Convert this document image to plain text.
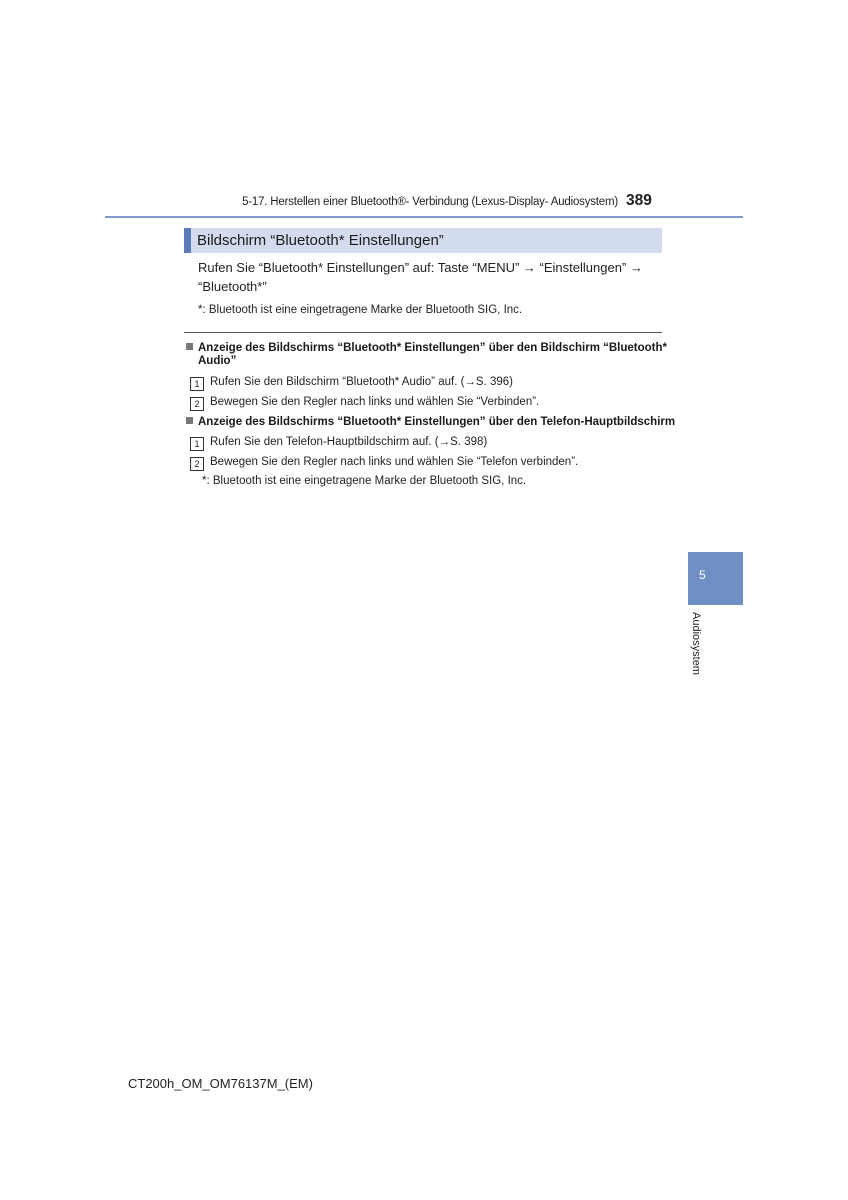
5-17. Herstellen einer Bluetooth®- Verbindung (Lexus-Display- Audiosystem) 389
Bildschirm “Bluetooth* Einstellungen”
Rufen Sie “Bluetooth* Einstellungen” auf: Taste “MENU” → “Einstellungen” →
“Bluetooth*”
*: Bluetooth ist eine eingetragene Marke der Bluetooth SIG, Inc.
Anzeige des Bildschirms “Bluetooth* Einstellungen” über den Bildschirm “Bluetooth*
Audio”
1 Rufen Sie den Bildschirm “Bluetooth* Audio” auf. (→S. 396)
2 Bewegen Sie den Regler nach links und wählen Sie “Verbinden”.
Anzeige des Bildschirms “Bluetooth* Einstellungen” über den Telefon-Hauptbildschirm
1 Rufen Sie den Telefon-Hauptbildschirm auf. (→S. 398)
2 Bewegen Sie den Regler nach links und wählen Sie “Telefon verbinden”.
*: Bluetooth ist eine eingetragene Marke der Bluetooth SIG, Inc.
5
Audiosystem
CT200h_OM_OM76137M_(EM)
